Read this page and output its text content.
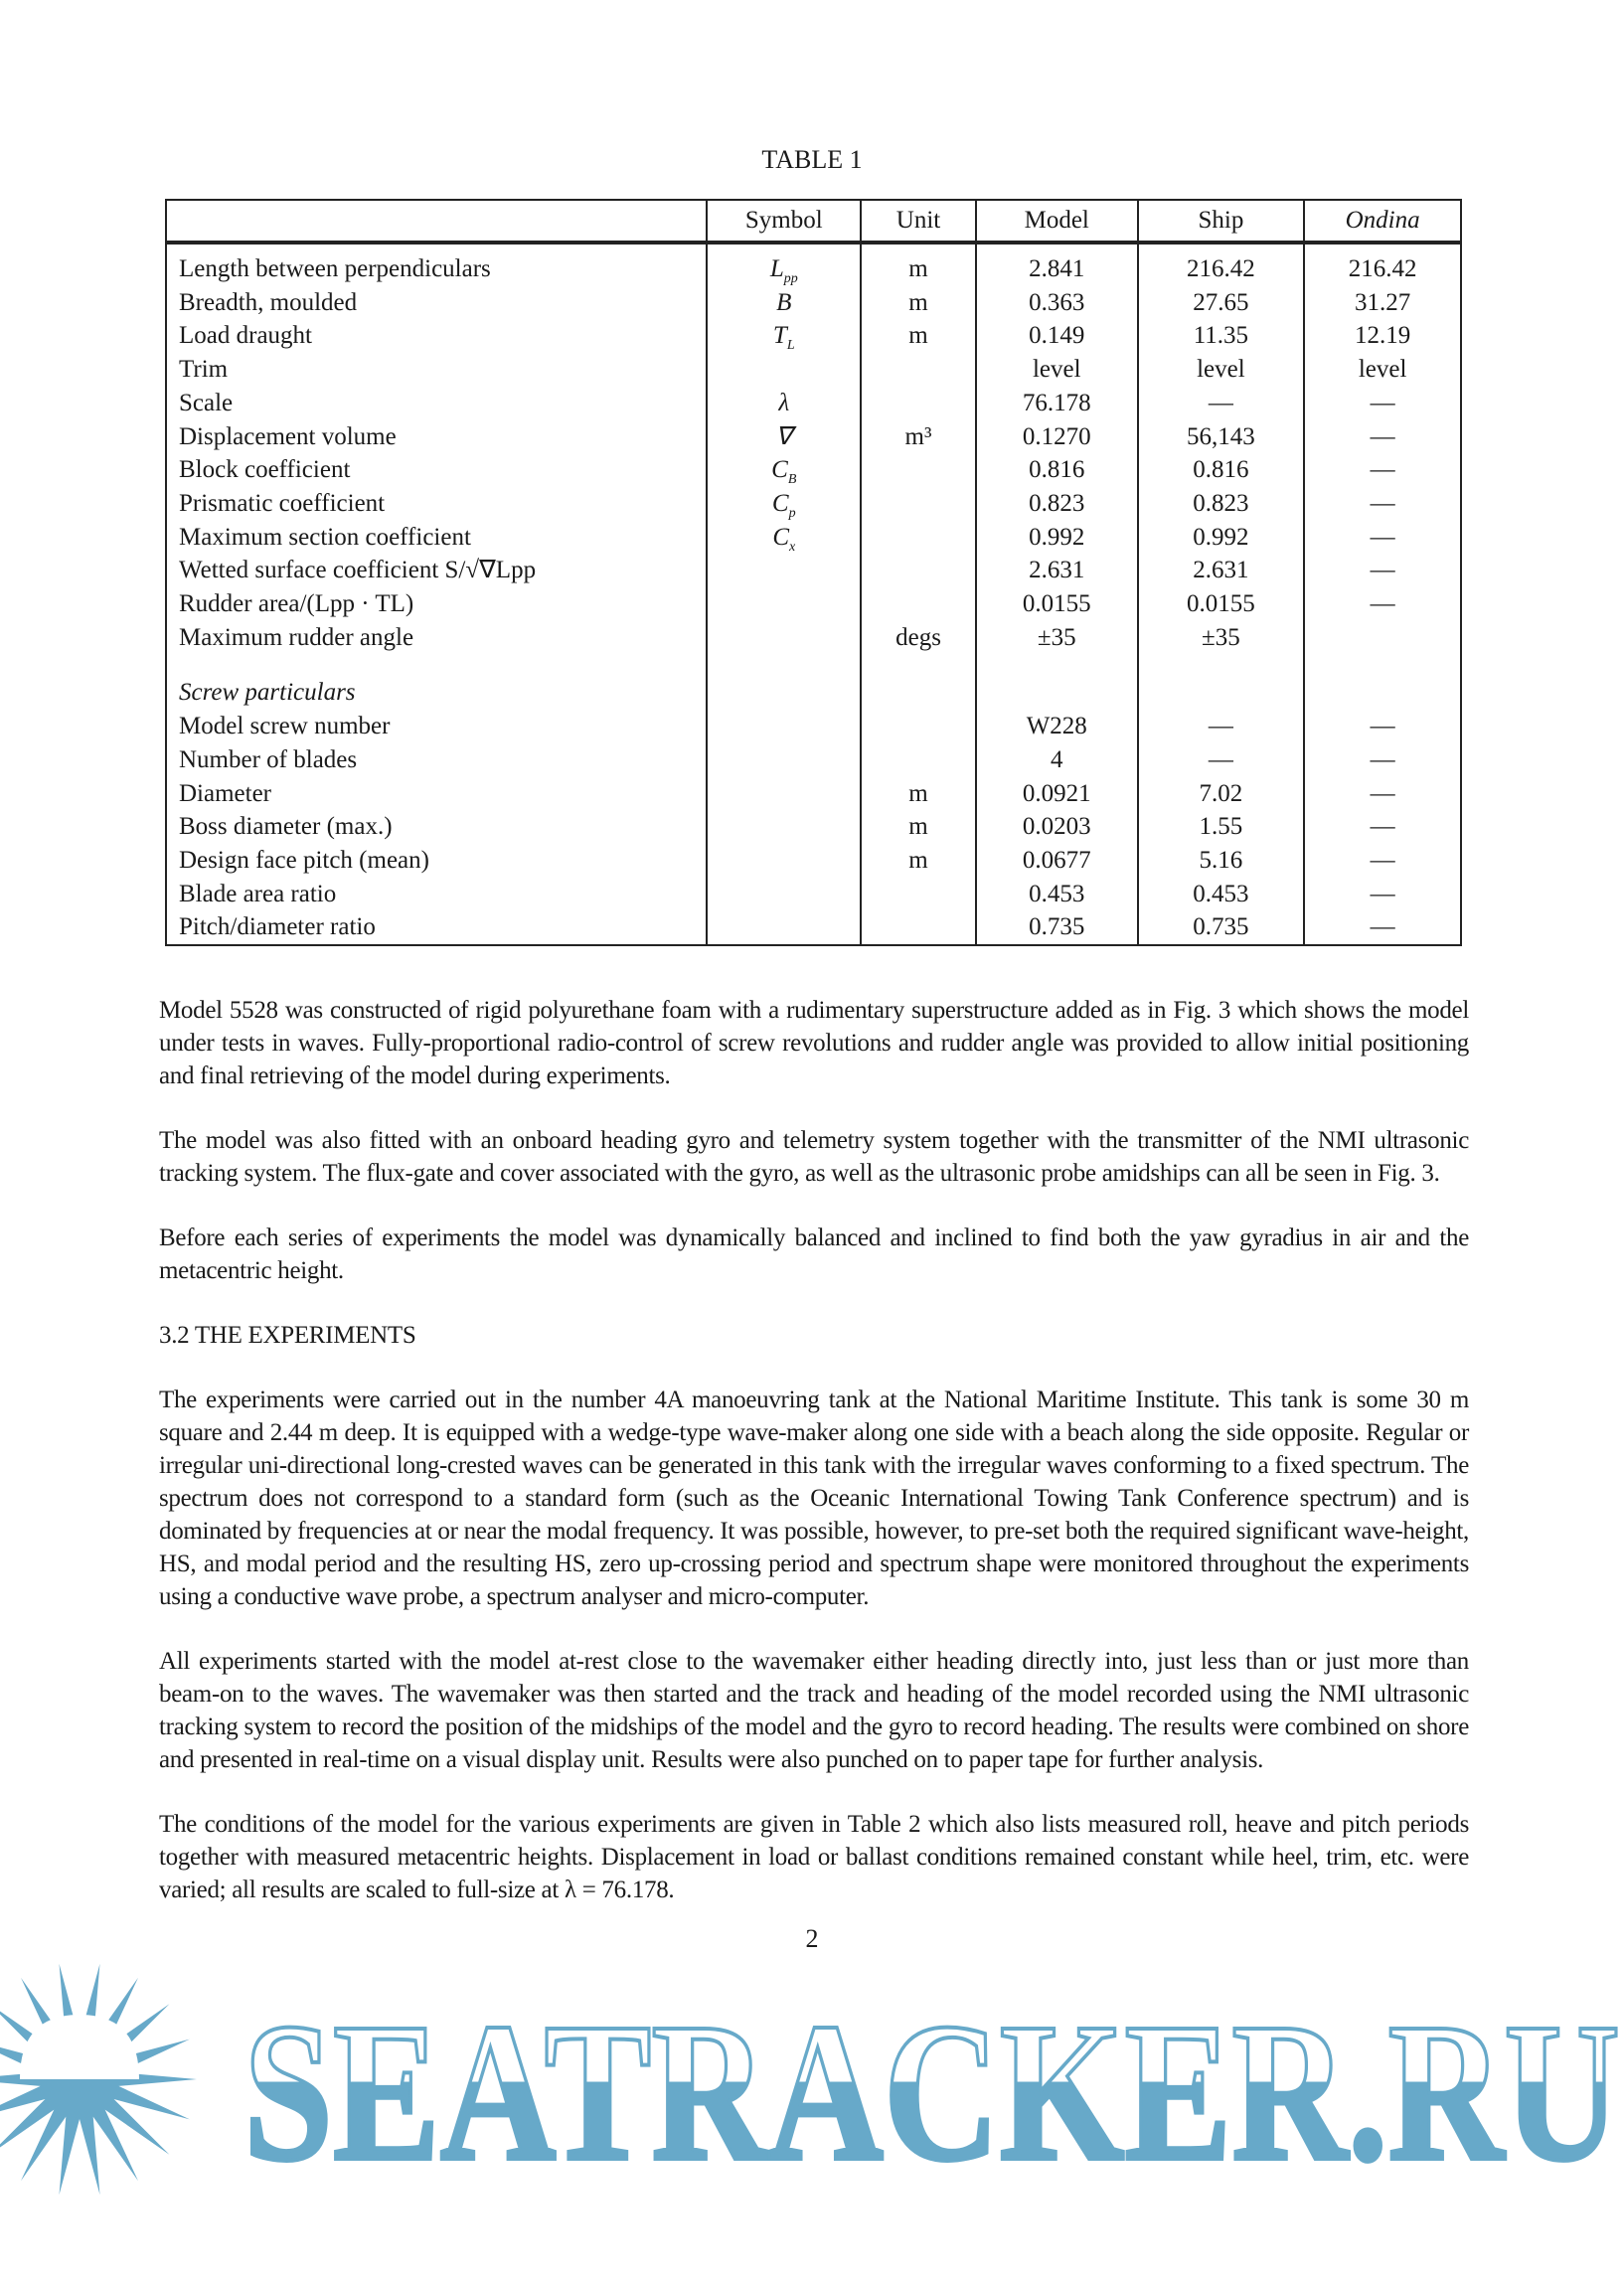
TABLE 1
	Symbol	Unit	Model	Ship	Ondina
Length between perpendiculars	$L_{pp}$	m	2.841	216.42	216.42
Breadth, moulded	B	m	0.363	27.65	31.27
Load draught	$T_L$	m	0.149	11.35	12.19
Trim			level	level	level
Scale	λ		76.178	—	—
Displacement volume	∇	m³	0.1270	56,143	—
Block coefficient	$C_B$		0.816	0.816	—
Prismatic coefficient	$C_p$		0.823	0.823	—
Maximum section coefficient	$C_x$		0.992	0.992	—
Wetted surface coefficient S/√∇Lpp			2.631	2.631	—
Rudder area/(Lpp · TL)			0.0155	0.0155	—
Maximum rudder angle		degs	±35	±35	

Screw particulars					
Model screw number			W228	—	—
Number of blades			4	—	—
Diameter		m	0.0921	7.02	—
Boss diameter (max.)		m	0.0203	1.55	—
Design face pitch (mean)		m	0.0677	5.16	—
Blade area ratio			0.453	0.453	—
Pitch/diameter ratio			0.735	0.735	—
Model 5528 was constructed of rigid polyurethane foam with a rudimentary superstructure added as in Fig. 3 which shows the model under tests in waves. Fully-proportional radio-control of screw revolutions and rudder angle was provided to allow initial positioning and final retrieving of the model during experiments.
The model was also fitted with an onboard heading gyro and telemetry system together with the transmitter of the NMI ultrasonic tracking system. The flux-gate and cover associated with the gyro, as well as the ultrasonic probe amidships can all be seen in Fig. 3.
Before each series of experiments the model was dynamically balanced and inclined to find both the yaw gyradius in air and the metacentric height.
3.2 THE EXPERIMENTS
The experiments were carried out in the number 4A manoeuvring tank at the National Maritime Institute. This tank is some 30 m square and 2.44 m deep. It is equipped with a wedge-type wave-maker along one side with a beach along the side opposite. Regular or irregular uni-directional long-crested waves can be generated in this tank with the irregular waves conforming to a fixed spectrum. The spectrum does not correspond to a standard form (such as the Oceanic International Towing Tank Conference spectrum) and is dominated by frequencies at or near the modal frequency. It was possible, however, to pre-set both the required significant wave-height, HS, and modal period and the resulting HS, zero up-crossing period and spectrum shape were monitored throughout the experiments using a conductive wave probe, a spectrum analyser and micro-computer.
All experiments started with the model at-rest close to the wavemaker either heading directly into, just less than or just more than beam-on to the waves. The wavemaker was then started and the track and heading of the model recorded using the NMI ultrasonic tracking system to record the position of the midships of the model and the gyro to record heading. The results were combined on shore and presented in real-time on a visual display unit. Results were also punched on to paper tape for further analysis.
The conditions of the model for the various experiments are given in Table 2 which also lists measured roll, heave and pitch periods together with measured metacentric heights. Displacement in load or ballast conditions remained constant while heel, trim, etc. were varied; all results are scaled to full-size at λ = 76.178.
2
SEATRACKER.RU
